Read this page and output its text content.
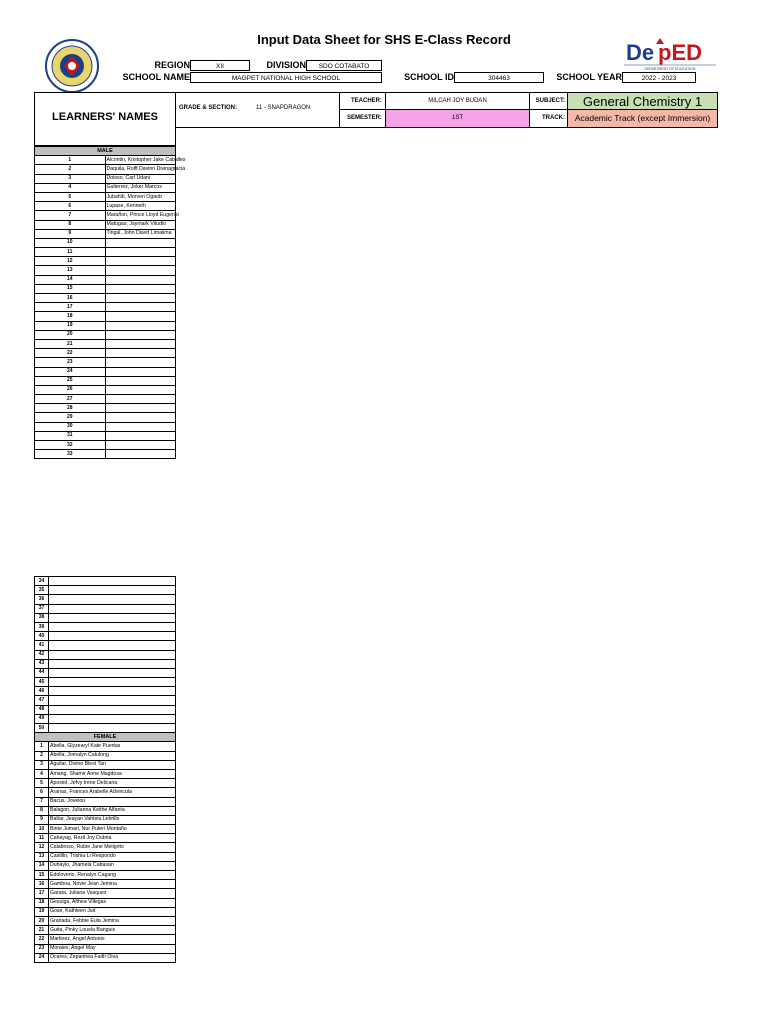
De pED
DEPARTMENT OF EDUCATION
Input Data Sheet for SHS E-Class Record
REGION	XII	DIVISION	SDO COTABATO
SCHOOL NAME	MAGPET NATIONAL HIGH SCHOOL	SCHOOL ID	304463	SCHOOL YEAR	2022 - 2023
LEARNERS' NAMES
GRADE & SECTION:	11 - SNAPDRAGON
TEACHER:	MILCAH JOY BUDAN	SUBJECT:	General Chemistry 1
SEMESTER:	1ST	TRACK:	Academic Track (except Immersion)
MALE	
1	Alcontin, Kristopher Jake Caballes
2	Daquila, Rolff Davinn Divinagracia
3	Doloso, Carl Udani
4	Gutierrez, Joker Marcos
5	Jubahib, Morven Ogaob
6	Lupase, Kenneth
7	Marañon, Prince Lloyd Eugenio
8	Matugas, Jaymark Vitudio
9	Tingal, John David Limalima
10	
11	
12	
13	
14	
15	
16	
17	
18	
19	
20	
21	
22	
23	
24	
25	
26	
27	
28	
29	
30	
31	
32	
33	
34	
35	
36	
37	
38	
39	
40	
41	
42	
43	
44	
45	
46	
47	
48	
49	
50	
FEMALE	
1	Abella, Glyzearyl Kate Puertas
2	Abella, Jomalyn Catulong
3	Aguilar, Divine Blest Tan
4	Amang, Shamir Anne Magdosa
5	Apostol, Jefvy Irene Delicana
6	Aranas, Frances Arabelle Advincula
7	Bacus, Jovelou
8	Balagon, Julianna Keithe Alfanta
9	Baltar, Jeayan Vahleia Lebrillo
10	Binte Jumari, Nur Puteri Montaño
11	Cahayag, Rezil Joy Dubria
12	Calabroso, Rubie Jane Meligrito
13	Castillo, Trishia Li Respondo
14	Duhaylo, Jhamela Cabasan
15	Edoloverio, Renalyn Cagang
16	Gamboa, Novie Jean Jemina
17	Garata, Juliana Vasquez
18	Gesulga, Althea Villegas
19	Gose, Kathleen Juit
20	Granada, Febbie Eula Jemina
21	Guita, Pinky Louela Banguis
22	Martinez, Angel Antonio
23	Morales, Angel May
24	Ocares, Zepanhea Faith Oiva
